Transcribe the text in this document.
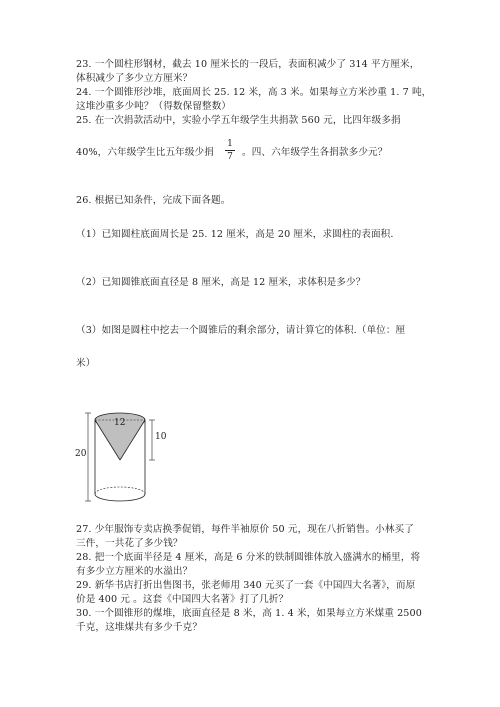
23. 一个圆柱形钢材，截去 10 厘米长的一段后，表面积减少了 314 平方厘米，
体积减少了多少立方厘米？
24. 一个圆锥形沙堆，底面周长 25. 12 米，高 3 米。如果每立方米沙重 1. 7 吨，
这堆沙重多少吨？（得数保留整数）
25. 在一次捐款活动中，实验小学五年级学生共捐款 560 元，比四年级多捐
40%，六年级学生比五年级少捐
1
7 。四、六年级学生各捐款多少元？
26. 根据已知条件，完成下面各题。
（1）已知圆柱底面周长是 25. 12 厘米，高是 20 厘米，求圆柱的表面积.
（2）已知圆锥底面直径是 8 厘米，高是 12 厘米，求体积是多少？
（3）如图是圆柱中挖去一个圆锥后的剩余部分，请计算它的体积.（单位：厘
米）
12
20
10
27. 少年服饰专卖店换季促销，每件半袖原价 50 元，现在八折销售。小林买了
三件，一共花了多少钱？
28. 把一个底面半径是 4 厘米，高是 6 分米的铁制圆锥体放入盛满水的桶里，将
有多少立方厘米的水溢出？
29. 新华书店打折出售图书，张老师用 340 元买了一套《中国四大名著》，而原
价是 400 元 。这套《中国四大名著》打了几折？
30. 一个圆锥形的煤堆，底面直径是 8 米，高 1. 4 米，如果每立方米煤重 2500
千克，这堆煤共有多少千克？
